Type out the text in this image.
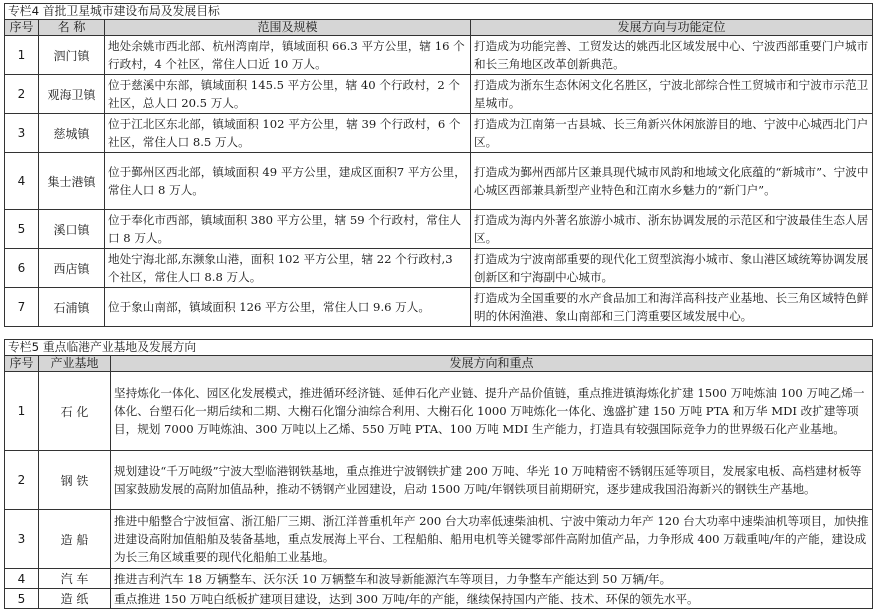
专栏4 首批卫星城市建设布局及发展目标			
序号	名 称	范围及规模	发展方向与功能定位
1	泗门镇	地处余姚市西北部、杭州湾南岸，镇域面积 66.3 平方公里，辖 16 个行政村，4 个社区，常住人口近 10 万人。	打造成为功能完善、工贸发达的姚西北区域发展中心、宁波西部重要门户城市和长三角地区改革创新典范。
2	观海卫镇	位于慈溪中东部，镇域面积 145.5 平方公里，辖 40 个行政村，2 个社区，总人口 20.5 万人。	打造成为浙东生态休闲文化名胜区，宁波北部综合性工贸城市和宁波市示范卫星城市。
3	慈城镇	位于江北区东北部，镇域面积 102 平方公里，辖 39 个行政村，6 个社区，常住人口 8.5 万人。	打造成为江南第一古县城、长三角新兴休闲旅游目的地、宁波中心城西北门户区。
4	集士港镇	位于鄞州区西北部，镇域面积 49 平方公里，建成区面积7 平方公里，常住人口 8 万人。	打造成为鄞州西部片区兼具现代城市风韵和地域文化底蕴的“新城市”、宁波中心城区西部兼具新型产业特色和江南水乡魅力的“新门户”。
5	溪口镇	位于奉化市西部，镇域面积 380 平方公里，辖 59 个行政村，常住人口 8 万人。	打造成为海内外著名旅游小城市、浙东协调发展的示范区和宁波最佳生态人居区。
6	西店镇	地处宁海北部,东濒象山港，面积 102 平方公里，辖 22 个行政村,3 个社区，常住人口 8.8 万人。	打造成为宁波南部重要的现代化工贸型滨海小城市、象山港区域统筹协调发展创新区和宁海副中心城市。
7	石浦镇	位于象山南部，镇域面积 126 平方公里，常住人口 9.6 万人。	打造成为全国重要的水产食品加工和海洋高科技产业基地、长三角区域特色鲜明的休闲渔港、象山南部和三门湾重要区域发展中心。
专栏5 重点临港产业基地及发展方向		
序号	产业基地	发展方向和重点
1	石 化	坚持炼化一体化、园区化发展模式，推进循环经济链、延伸石化产业链、提升产品价值链，重点推进镇海炼化扩建 1500 万吨炼油 100 万吨乙烯一体化、台塑石化一期后续和二期、大榭石化馏分油综合利用、大榭石化 1000 万吨炼化一体化、逸盛扩建 150 万吨 PTA 和万华 MDI 改扩建等项目，规划 7000 万吨炼油、300 万吨以上乙烯、550 万吨 PTA、100 万吨 MDI 生产能力，打造具有较强国际竞争力的世界级石化产业基地。
2	钢 铁	规划建设“千万吨级”宁波大型临港钢铁基地，重点推进宁波钢铁扩建 200 万吨、华光 10 万吨精密不锈钢压延等项目，发展家电板、高档建材板等国家鼓励发展的高附加值品种，推动不锈钢产业园建设，启动 1500 万吨/年钢铁项目前期研究，逐步建成我国沿海新兴的钢铁生产基地。
3	造 船	推进中船整合宁波恒富、浙江船厂三期、浙江洋普重机年产 200 台大功率低速柴油机、宁波中策动力年产 120 台大功率中速柴油机等项目，加快推进建设高附加值船舶及装备基地，重点发展海上平台、工程船舶、船用电机等关键零部件高附加值产品，力争形成 400 万载重吨/年的产能，建设成为长三角区域重要的现代化船舶工业基地。
4	汽 车	推进吉利汽车 18 万辆整车、沃尔沃 10 万辆整车和波导新能源汽车等项目，力争整车产能达到 50 万辆/年。
5	造 纸	重点推进 150 万吨白纸板扩建项目建设，达到 300 万吨/年的产能，继续保持国内产能、技术、环保的领先水平。
